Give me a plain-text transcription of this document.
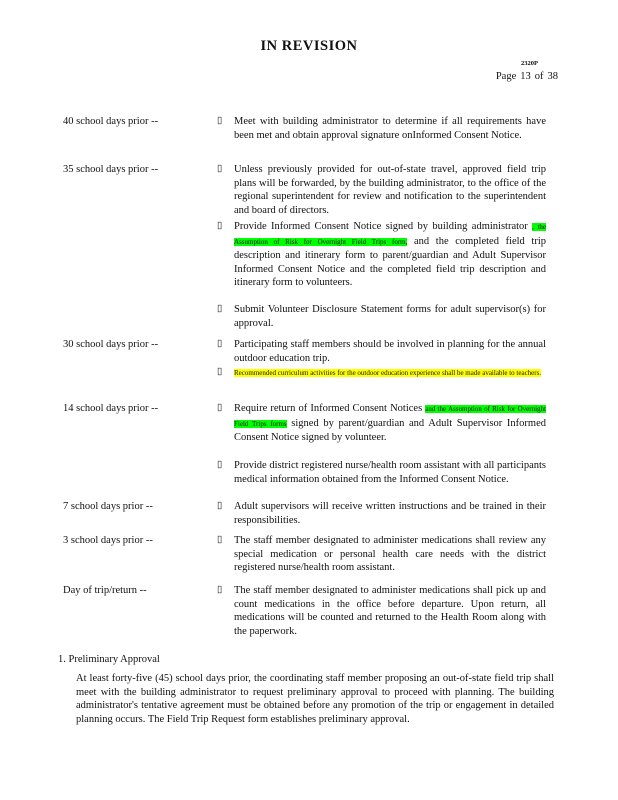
IN REVISION
2320P
Page 13 of 38
40 school days prior --	▯ Meet with building administrator to determine if all requirements have been met and obtain approval signature onInformed Consent Notice.
35 school days prior --	▯ Unless previously provided for out-of-state travel, approved field trip plans will be forwarded, by the building administrator, to the office of the regional superintendent for review and notification to the superintendent and board of directors.
▯ Provide Informed Consent Notice signed by building administrator , the Assumption of Risk for Overnight Field Trips form, and the completed field trip description and itinerary form to parent/guardian and Adult Supervisor Informed Consent Notice and the completed field trip description and itinerary form to volunteers.
▯ Submit Volunteer Disclosure Statement forms for adult supervisor(s) for approval.
30 school days prior --	▯ Participating staff members should be involved in planning for the annual outdoor education trip.
▯ Recommended curriculum activities for the outdoor education experience shall be made available to teachers.
14 school days prior --	▯ Require return of Informed Consent Notices and the Assumption of Risk for Overnight Field Trips forms signed by parent/guardian and Adult Supervisor Informed Consent Notice signed by volunteer.
▯ Provide district registered nurse/health room assistant with all participants medical information obtained from the Informed Consent Notice.
7 school days prior --	▯ Adult supervisors will receive written instructions and be trained in their responsibilities.
3 school days prior --	▯ The staff member designated to administer medications shall review any special medication or personal health care needs with the district registered nurse/health room assistant.
Day of trip/return --	▯ The staff member designated to administer medications shall pick up and count medications in the office before departure. Upon return, all medications will be counted and returned to the Health Room along with the paperwork.
1. Preliminary Approval
At least forty-five (45) school days prior, the coordinating staff member proposing an out-of-state field trip shall meet with the building administrator to request preliminary approval to proceed with planning. The building administrator's tentative agreement must be obtained before any promotion of the trip or engagement in detailed planning occurs. The Field Trip Request form establishes preliminary approval.
